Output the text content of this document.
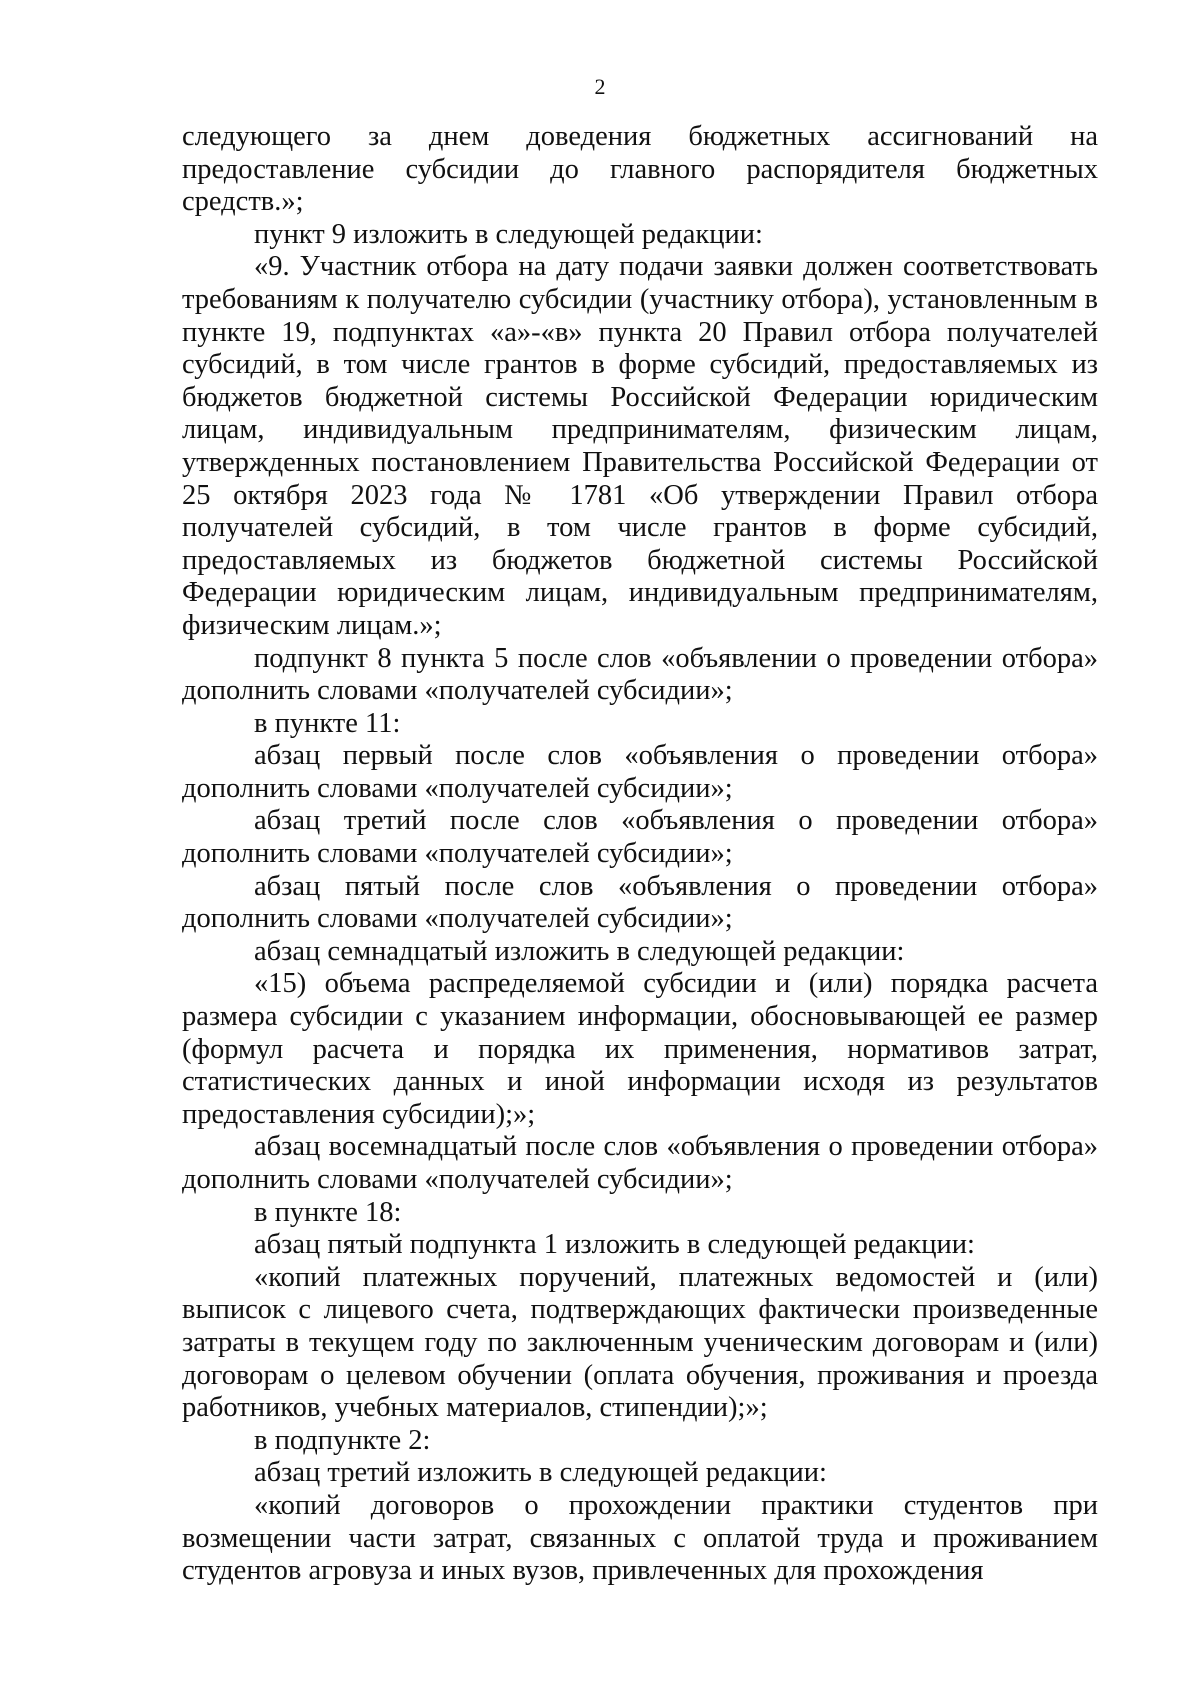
2

следующего за днем доведения бюджетных ассигнований на предоставление субсидии до главного распорядителя бюджетных средств.»;

пункт 9 изложить в следующей редакции:

«9. Участник отбора на дату подачи заявки должен соответствовать требованиям к получателю субсидии (участнику отбора), установленным в пункте 19, подпунктах «а»-«в» пункта 20 Правил отбора получателей субсидий, в том числе грантов в форме субсидий, предоставляемых из бюджетов бюджетной системы Российской Федерации юридическим лицам, индивидуальным предпринимателям, физическим лицам, утвержденных постановлением Правительства Российской Федерации от 25 октября 2023 года № 1781 «Об утверждении Правил отбора получателей субсидий, в том числе грантов в форме субсидий, предоставляемых из бюджетов бюджетной системы Российской Федерации юридическим лицам, индивидуальным предпринимателям, физическим лицам.»;

подпункт 8 пункта 5 после слов «объявлении о проведении отбора» дополнить словами «получателей субсидии»;

в пункте 11:

абзац первый после слов «объявления о проведении отбора» дополнить словами «получателей субсидии»;

абзац третий после слов «объявления о проведении отбора» дополнить словами «получателей субсидии»;

абзац пятый после слов «объявления о проведении отбора» дополнить словами «получателей субсидии»;

абзац семнадцатый изложить в следующей редакции:

«15) объема распределяемой субсидии и (или) порядка расчета размера субсидии с указанием информации, обосновывающей ее размер (формул расчета и порядка их применения, нормативов затрат, статистических данных и иной информации исходя из результатов предоставления субсидии);»;

абзац восемнадцатый после слов «объявления о проведении отбора» дополнить словами «получателей субсидии»;

в пункте 18:

абзац пятый подпункта 1 изложить в следующей редакции:

«копий платежных поручений, платежных ведомостей и (или) выписок с лицевого счета, подтверждающих фактически произведенные затраты в текущем году по заключенным ученическим договорам и (или) договорам о целевом обучении (оплата обучения, проживания и проезда работников, учебных материалов, стипендии);»;

в подпункте 2:

абзац третий изложить в следующей редакции:

«копий договоров о прохождении практики студентов при возмещении части затрат, связанных с оплатой труда и проживанием студентов агровуза и иных вузов, привлеченных для прохождения
